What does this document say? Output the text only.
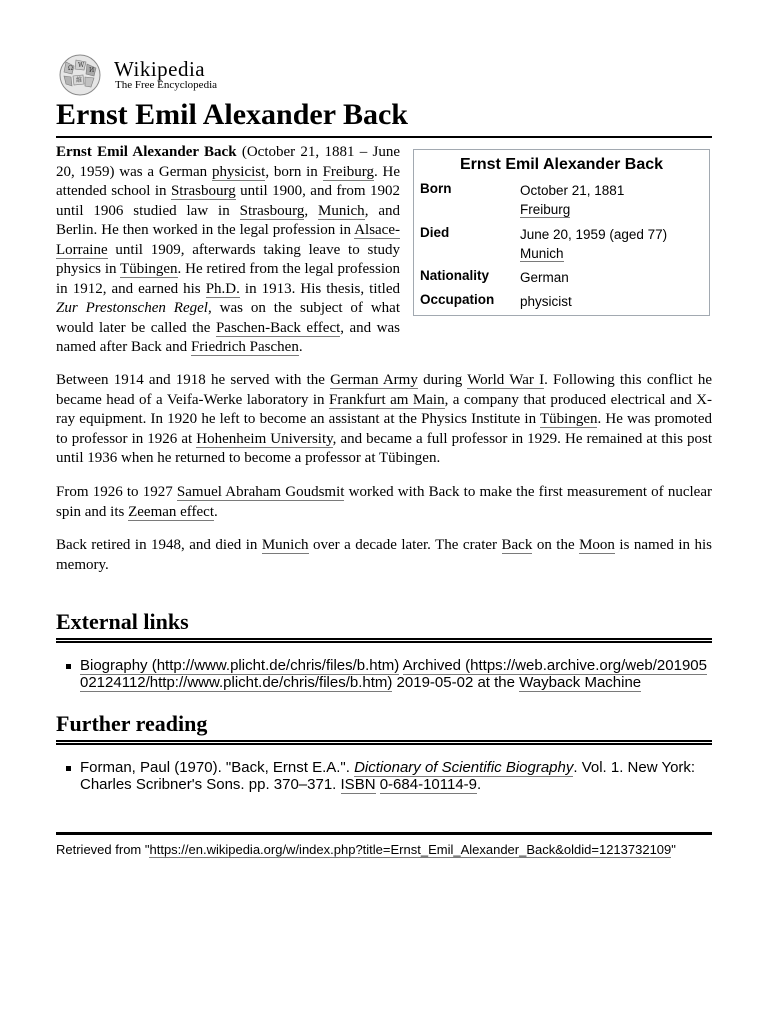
Ω W
И
維 Wikipedia
The Free Encyclopedia
Ernst Emil Alexander Back
Ernst Emil Alexander Back
Born	October 21, 1881
Freiburg
Died	June 20, 1959 (aged 77)
Munich
Nationality German
Occupation physicist

Ernst Emil Alexander Back (October 21, 1881 – June 20, 1959) was a German physicist, born in Freiburg. He attended school in Strasbourg until 1900, and from 1902 until 1906 studied law in Strasbourg, Munich, and Berlin. He then worked in the legal profession in Alsace-Lorraine until 1909, afterwards taking leave to study physics in Tübingen. He retired from the legal profession in 1912, and earned his Ph.D. in 1913. His thesis, titled Zur Prestonschen Regel, was on the subject of what would later be called the Paschen-Back effect, and was named after Back and Friedrich Paschen.

Between 1914 and 1918 he served with the German Army during World War I. Following this conflict he became head of a Veifa-Werke laboratory in Frankfurt am Main, a company that produced electrical and X-ray equipment. In 1920 he left to become an assistant at the Physics Institute in Tübingen. He was promoted to professor in 1926 at Hohenheim University, and became a full professor in 1929. He remained at this post until 1936 when he returned to become a professor at Tübingen.

From 1926 to 1927 Samuel Abraham Goudsmit worked with Back to make the first measurement of nuclear spin and its Zeeman effect.

Back retired in 1948, and died in Munich over a decade later. The crater Back on the Moon is named in his memory.

External links
Biography (http://www.plicht.de/chris/files/b.htm) Archived (https://web.archive.org/web/20190502124112/http://www.plicht.de/chris/files/b.htm) 2019-05-02 at the Wayback Machine
Further reading
Forman, Paul (1970). "Back, Ernst E.A.". Dictionary of Scientific Biography. Vol. 1. New York: Charles Scribner's Sons. pp. 370–371. ISBN 0-684-10114-9.
Retrieved from "https://en.wikipedia.org/w/index.php?title=Ernst_Emil_Alexander_Back&oldid=1213732109"
